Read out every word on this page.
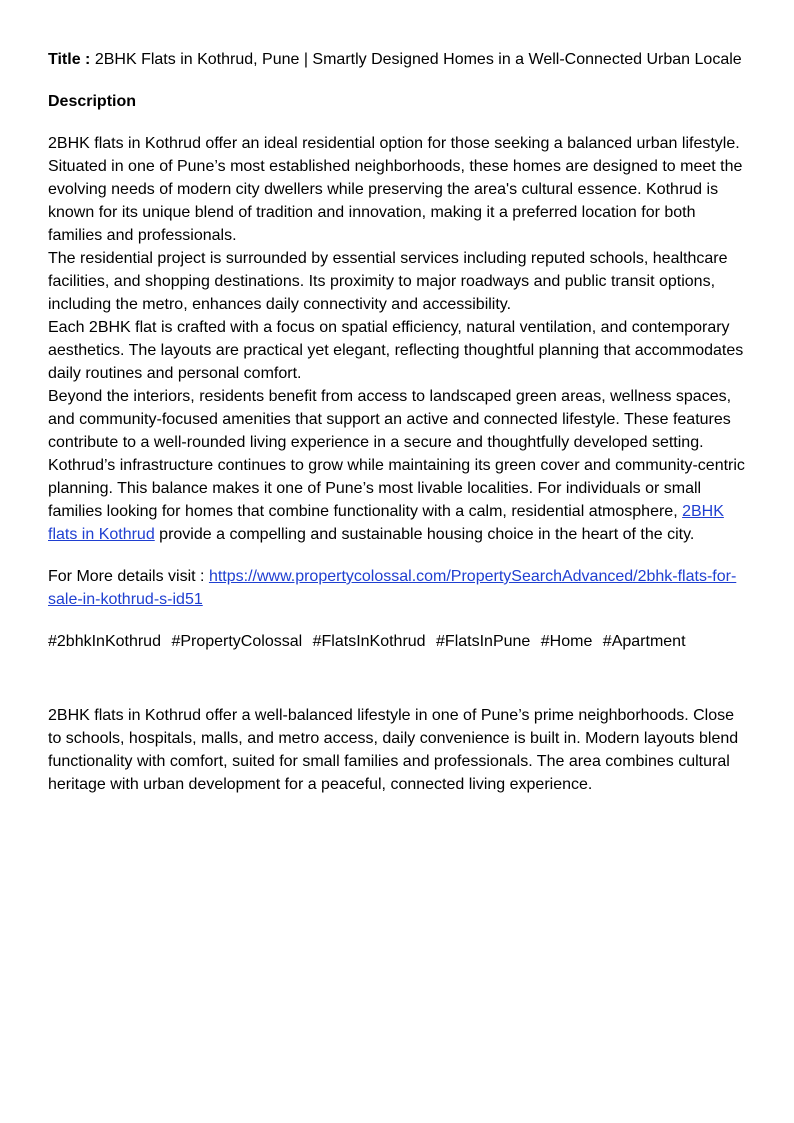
Title : 2BHK Flats in Kothrud, Pune | Smartly Designed Homes in a Well-Connected Urban Locale

Description

2BHK flats in Kothrud offer an ideal residential option for those seeking a balanced urban lifestyle. Situated in one of Pune’s most established neighborhoods, these homes are designed to meet the evolving needs of modern city dwellers while preserving the area's cultural essence. Kothrud is known for its unique blend of tradition and innovation, making it a preferred location for both families and professionals.

The residential project is surrounded by essential services including reputed schools, healthcare facilities, and shopping destinations. Its proximity to major roadways and public transit options, including the metro, enhances daily connectivity and accessibility.

Each 2BHK flat is crafted with a focus on spatial efficiency, natural ventilation, and contemporary aesthetics. The layouts are practical yet elegant, reflecting thoughtful planning that accommodates daily routines and personal comfort.

Beyond the interiors, residents benefit from access to landscaped green areas, wellness spaces, and community-focused amenities that support an active and connected lifestyle. These features contribute to a well-rounded living experience in a secure and thoughtfully developed setting.

Kothrud’s infrastructure continues to grow while maintaining its green cover and community-centric planning. This balance makes it one of Pune’s most livable localities. For individuals or small families looking for homes that combine functionality with a calm, residential atmosphere, 2BHK flats in Kothrud provide a compelling and sustainable housing choice in the heart of the city.

For More details visit : https://www.propertycolossal.com/PropertySearchAdvanced/2bhk-flats-for-sale-in-kothrud-s-id51

#2bhkInKothrud #PropertyColossal #FlatsInKothrud #FlatsInPune #Home #Apartment

2BHK flats in Kothrud offer a well-balanced lifestyle in one of Pune’s prime neighborhoods. Close to schools, hospitals, malls, and metro access, daily convenience is built in. Modern layouts blend functionality with comfort, suited for small families and professionals. The area combines cultural heritage with urban development for a peaceful, connected living experience.
